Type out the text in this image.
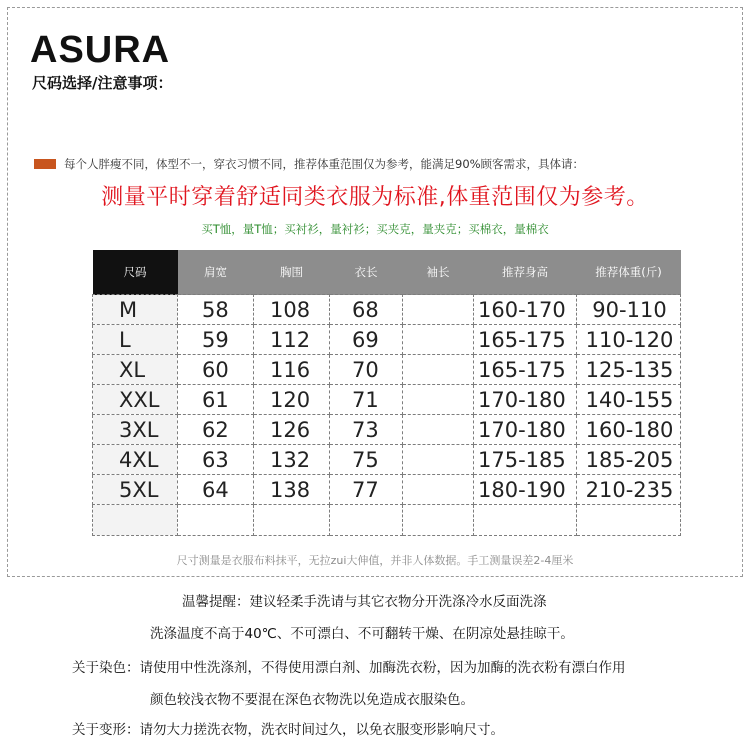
ASURA
尺码选择/注意事项：
每个人胖瘦不同，体型不一，穿衣习惯不同，推荐体重范围仅为参考，能满足90%顾客需求，具体请：
测量平时穿着舒适同类衣服为标准,体重范围仅为参考。
买T恤，量T恤；买衬衫，量衬衫；买夹克，量夹克；买棉衣，量棉衣
尺码	肩宽	胸围	衣长	袖长	推荐身高	推荐体重(斤)
M	58	108	68		160-170	90-110
L	59	112	69		165-175	110-120
XL	60	116	70		165-175	125-135
XXL	61	120	71		170-180	140-155
3XL	62	126	73		170-180	160-180
4XL	63	132	75		175-185	185-205
5XL	64	138	77		180-190	210-235

尺寸测量是衣服布料抹平，无拉zui大伸值，并非人体数据。手工测量误差2-4厘米
温馨提醒：建议轻柔手洗请与其它衣物分开洗涤冷水反面洗涤
洗涤温度不高于40℃、不可漂白、不可翻转干燥、在阴凉处悬挂晾干。
关于染色：请使用中性洗涤剂，不得使用漂白剂、加酶洗衣粉，因为加酶的洗衣粉有漂白作用
颜色较浅衣物不要混在深色衣物洗以免造成衣服染色。
关于变形：请勿大力搓洗衣物，洗衣时间过久，以免衣服变形影响尺寸。
